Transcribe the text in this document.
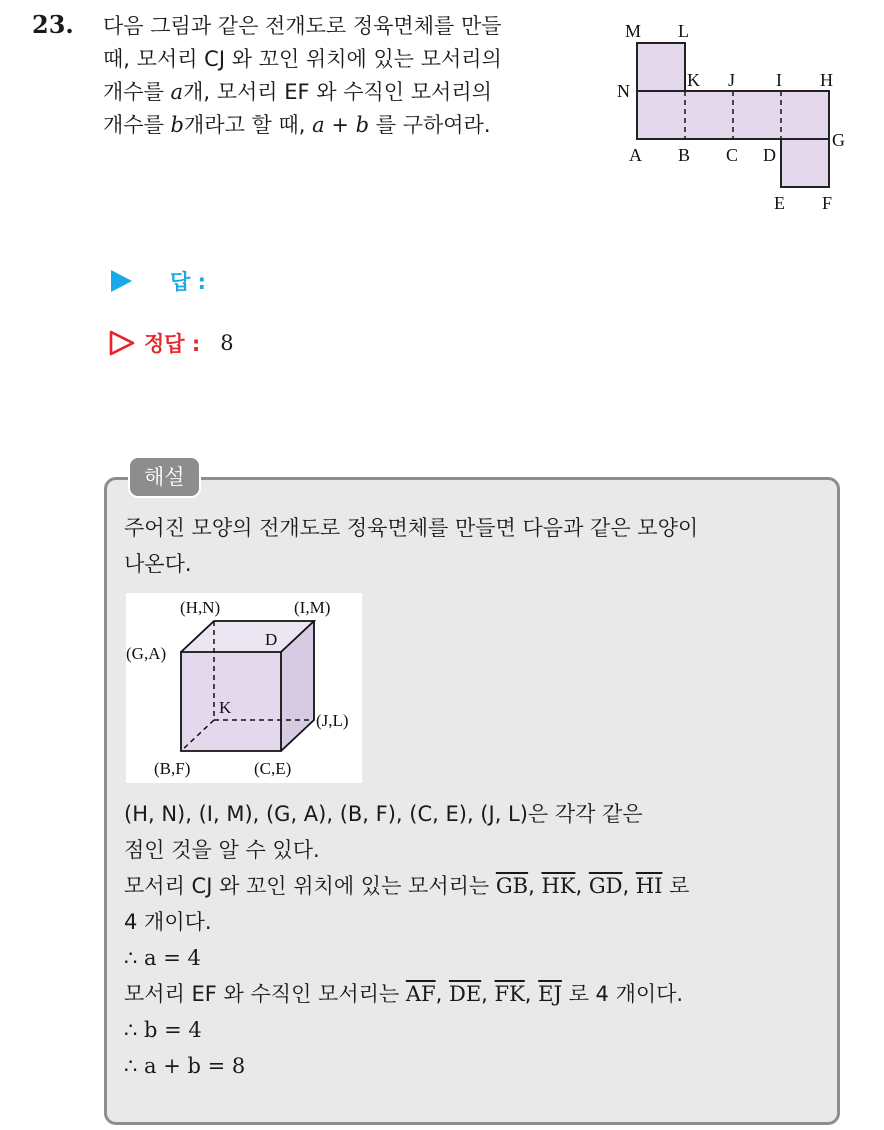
23. 다음 그림과 같은 전개도로 정육면체를 만들
때, 모서리 CJ 와 꼬인 위치에 있는 모서리의
개수를 a개, 모서리 EF 와 수직인 모서리의
개수를 b개라고 할 때, a + b 를 구하여라.
M L
N
K J I H
A B C D
G
E F
답 :
정답 : 8
해설
주어진 모양의 전개도로 정육면체를 만들면 다음과 같은 모양이
나온다.
(H,N)	(I,M)
(G,A)
D
K
(J,L)
(B,F)	(C,E)
(H, N), (I, M), (G, A), (B, F), (C, E), (J, L)은 각각 같은
점인 것을 알 수 있다.
모서리 CJ 와 꼬인 위치에 있는 모서리는 $\overline{GB}$, $\overline{HK}$, $\overline{GD}$, $\overline{HI}$ 로
4 개이다.
∴ a = 4
모서리 EF 와 수직인 모서리는 $\overline{AF}$, $\overline{DE}$, $\overline{FK}$, $\overline{EJ}$ 로 4 개이다.
∴ b = 4
∴ a + b = 8
